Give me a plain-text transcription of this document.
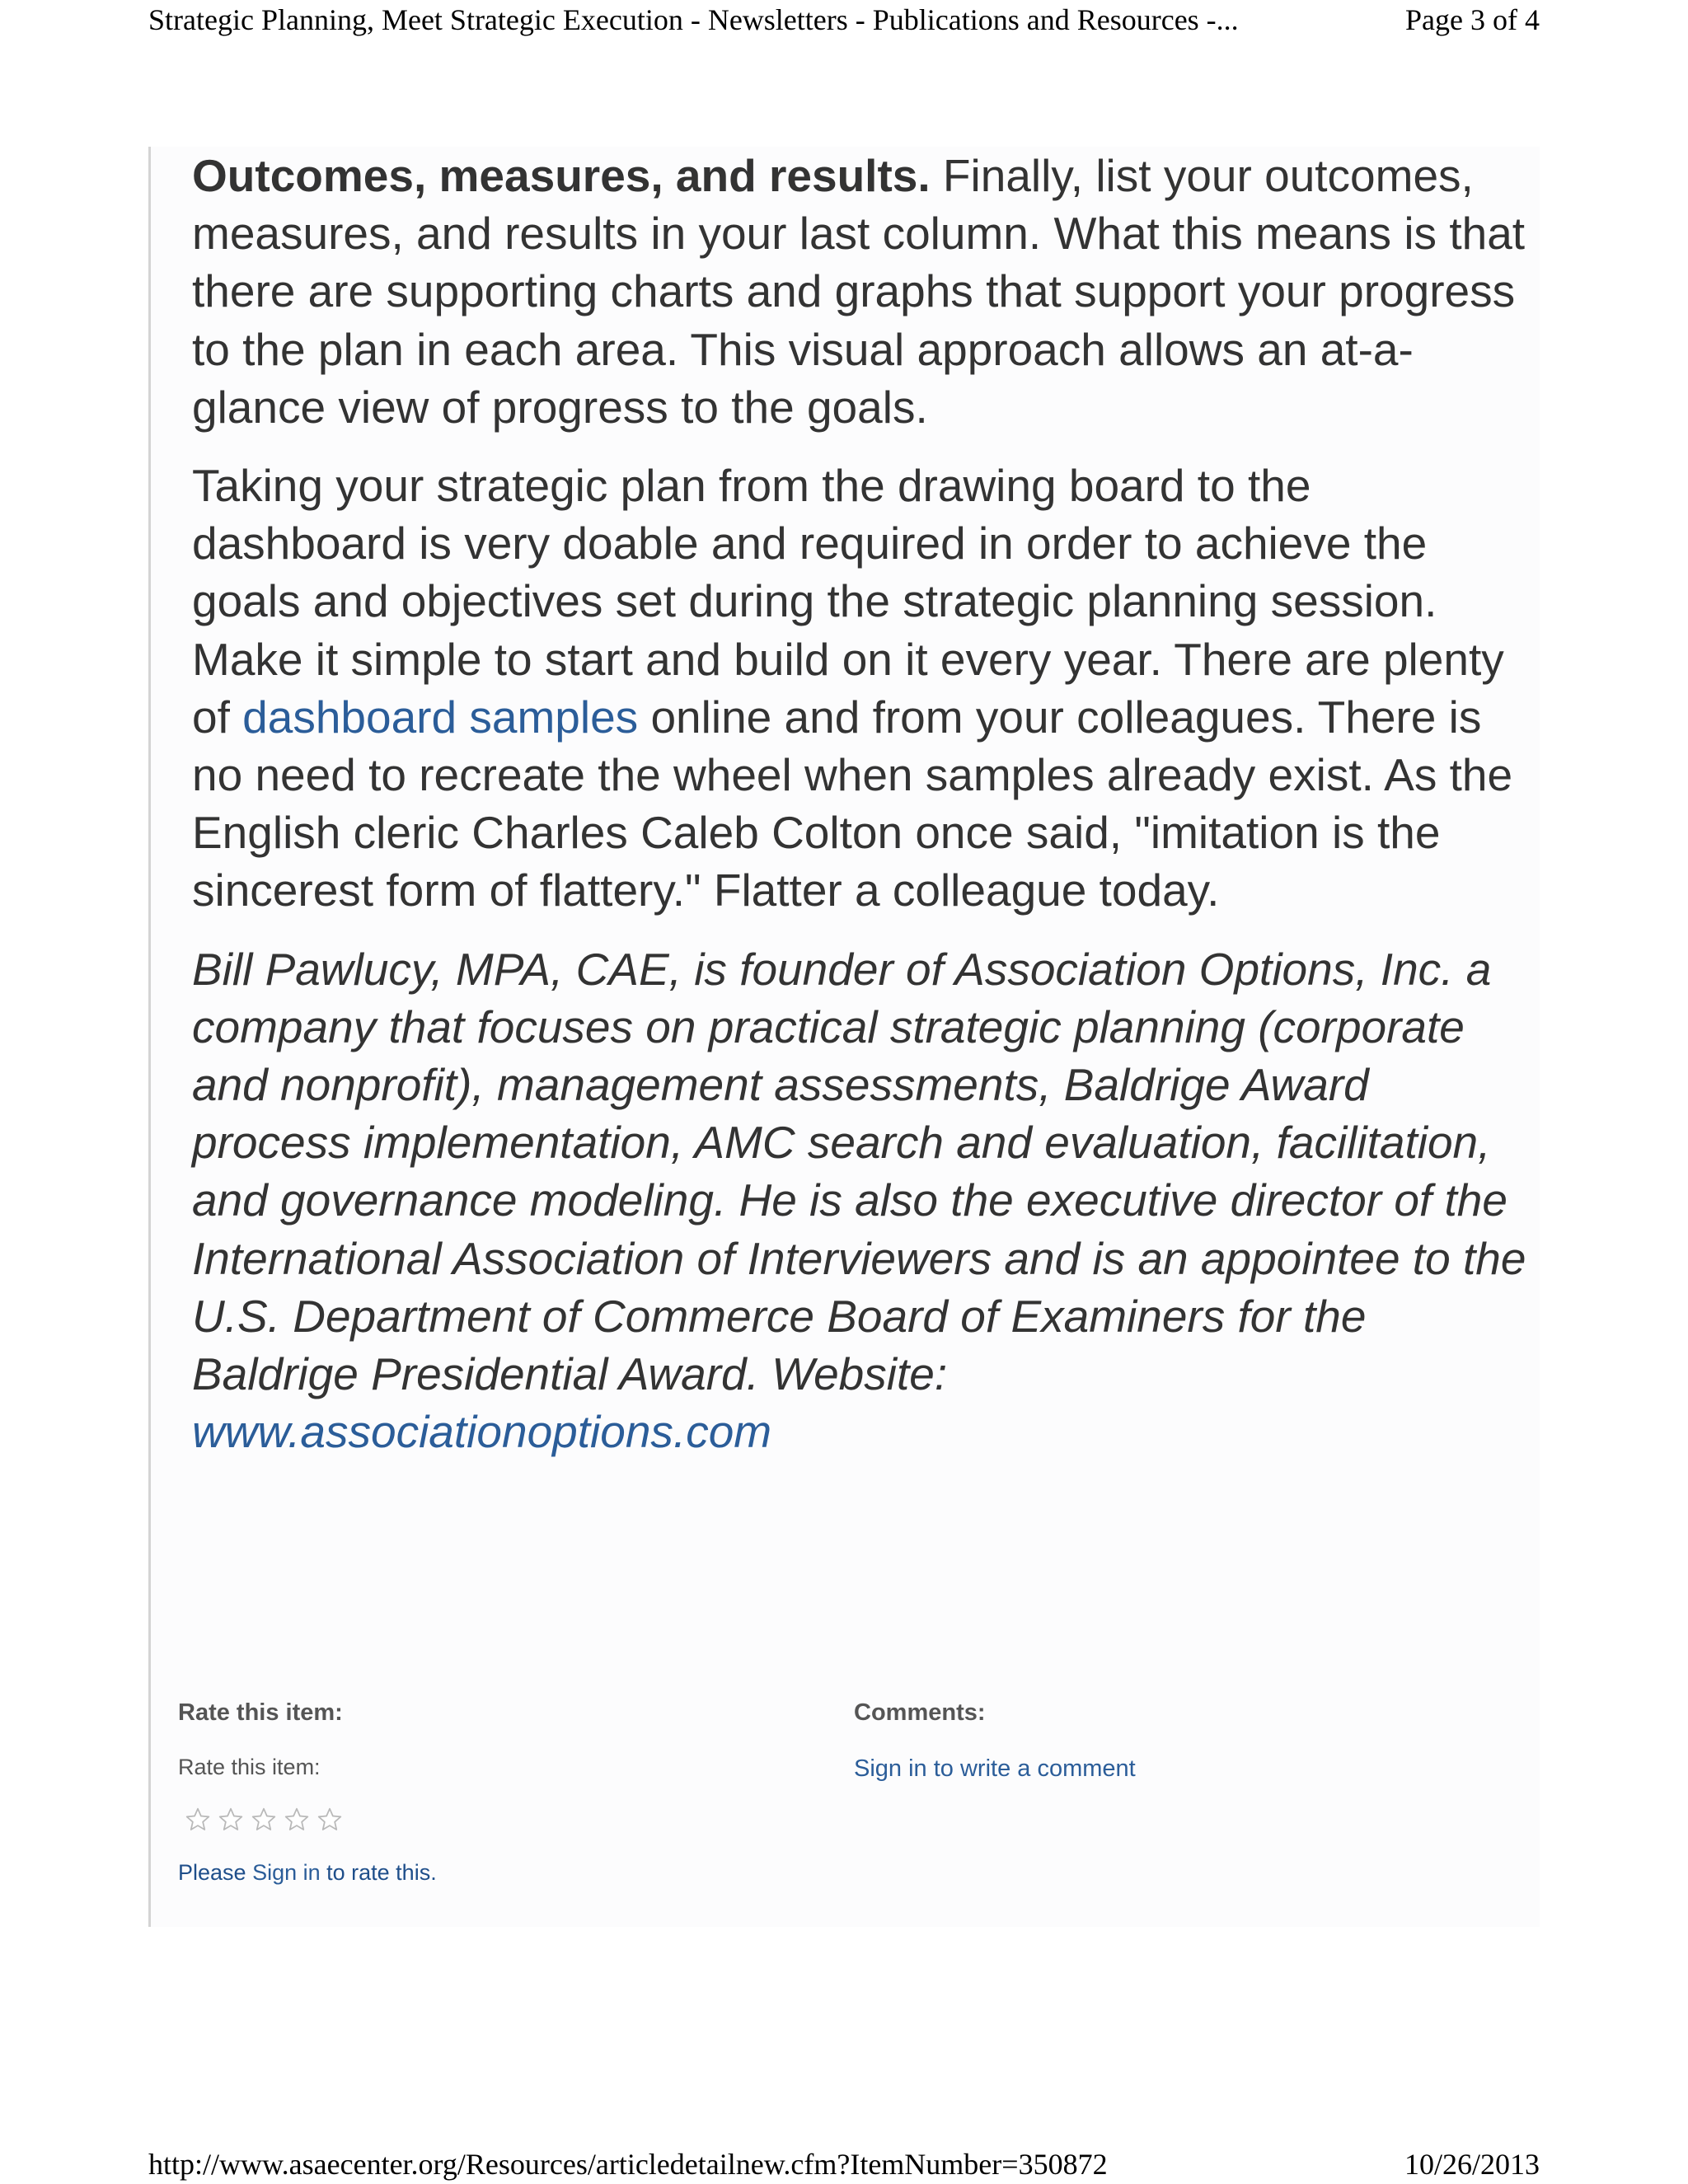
Strategic Planning, Meet Strategic Execution - Newsletters - Publications and Resources -...	Page 3 of 4

Outcomes, measures, and results. Finally, list your outcomes, measures, and results in your last column. What this means is that there are supporting charts and graphs that support your progress to the plan in each area. This visual approach allows an at-a-glance view of progress to the goals.

Taking your strategic plan from the drawing board to the dashboard is very doable and required in order to achieve the goals and objectives set during the strategic planning session. Make it simple to start and build on it every year. There are plenty of dashboard samples online and from your colleagues. There is no need to recreate the wheel when samples already exist. As the English cleric Charles Caleb Colton once said, "imitation is the sincerest form of flattery." Flatter a colleague today.

Bill Pawlucy, MPA, CAE, is founder of Association Options, Inc. a company that focuses on practical strategic planning (corporate and nonprofit), management assessments, Baldrige Award process implementation, AMC search and evaluation, facilitation, and governance modeling. He is also the executive director of the International Association of Interviewers and is an appointee to the U.S. Department of Commerce Board of Examiners for the Baldrige Presidential Award. Website: www.associationoptions.com

Rate this item:

Rate this item:
Please Sign in to rate this.

Comments:

Sign in to write a comment
http://www.asaecenter.org/Resources/articledetailnew.cfm?ItemNumber=350872	10/26/2013
